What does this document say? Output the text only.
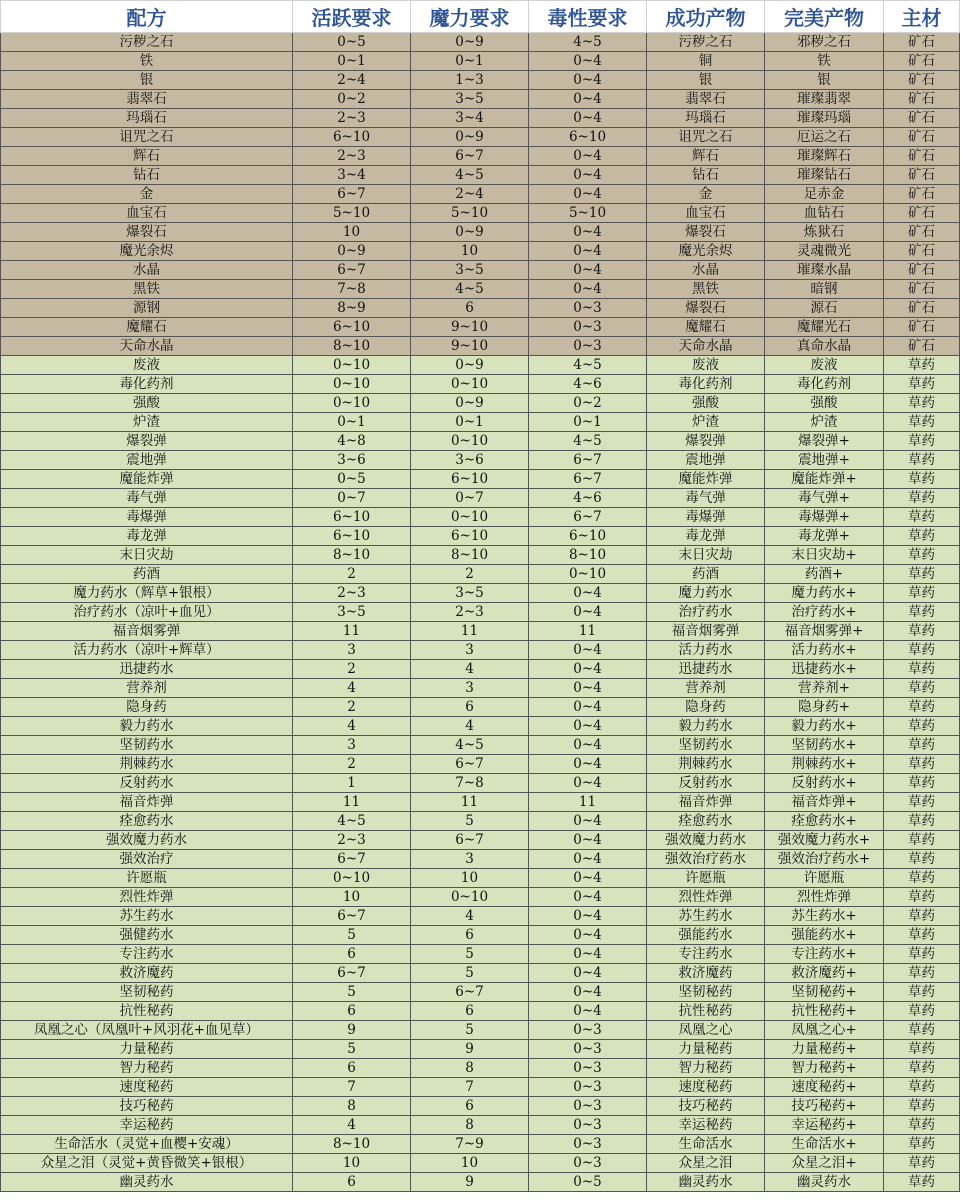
配方	活跃要求	魔力要求	毒性要求	成功产物	完美产物	主材
污秽之石	0~5	0~9	4~5	污秽之石	邪秽之石	矿石
铁	0~1	0~1	0~4	铜	铁	矿石
银	2~4	1~3	0~4	银	银	矿石
翡翠石	0~2	3~5	0~4	翡翠石	璀璨翡翠	矿石
玛瑙石	2~3	3~4	0~4	玛瑙石	璀璨玛瑙	矿石
诅咒之石	6~10	0~9	6~10	诅咒之石	厄运之石	矿石
辉石	2~3	6~7	0~4	辉石	璀璨辉石	矿石
钻石	3~4	4~5	0~4	钻石	璀璨钻石	矿石
金	6~7	2~4	0~4	金	足赤金	矿石
血宝石	5~10	5~10	5~10	血宝石	血钻石	矿石
爆裂石	10	0~9	0~4	爆裂石	炼狱石	矿石
魔光余烬	0~9	10	0~4	魔光余烬	灵魂微光	矿石
水晶	6~7	3~5	0~4	水晶	璀璨水晶	矿石
黑铁	7~8	4~5	0~4	黑铁	暗钢	矿石
源钢	8~9	6	0~3	爆裂石	源石	矿石
魔耀石	6~10	9~10	0~3	魔耀石	魔耀光石	矿石
天命水晶	8~10	9~10	0~3	天命水晶	真命水晶	矿石
废液	0~10	0~9	4~5	废液	废液	草药
毒化药剂	0~10	0~10	4~6	毒化药剂	毒化药剂	草药
强酸	0~10	0~9	0~2	强酸	强酸	草药
炉渣	0~1	0~1	0~1	炉渣	炉渣	草药
爆裂弹	4~8	0~10	4~5	爆裂弹	爆裂弹+	草药
震地弹	3~6	3~6	6~7	震地弹	震地弹+	草药
魔能炸弹	0~5	6~10	6~7	魔能炸弹	魔能炸弹+	草药
毒气弹	0~7	0~7	4~6	毒气弹	毒气弹+	草药
毒爆弹	6~10	0~10	6~7	毒爆弹	毒爆弹+	草药
毒龙弹	6~10	6~10	6~10	毒龙弹	毒龙弹+	草药
末日灾劫	8~10	8~10	8~10	末日灾劫	末日灾劫+	草药
药酒	2	2	0~10	药酒	药酒+	草药
魔力药水（辉草+银根）	2~3	3~5	0~4	魔力药水	魔力药水+	草药
治疗药水（凉叶+血见）	3~5	2~3	0~4	治疗药水	治疗药水+	草药
福音烟雾弹	11	11	11	福音烟雾弹	福音烟雾弹+	草药
活力药水（凉叶+辉草）	3	3	0~4	活力药水	活力药水+	草药
迅捷药水	2	4	0~4	迅捷药水	迅捷药水+	草药
营养剂	4	3	0~4	营养剂	营养剂+	草药
隐身药	2	6	0~4	隐身药	隐身药+	草药
毅力药水	4	4	0~4	毅力药水	毅力药水+	草药
坚韧药水	3	4~5	0~4	坚韧药水	坚韧药水+	草药
荆棘药水	2	6~7	0~4	荆棘药水	荆棘药水+	草药
反射药水	1	7~8	0~4	反射药水	反射药水+	草药
福音炸弹	11	11	11	福音炸弹	福音炸弹+	草药
痊愈药水	4~5	5	0~4	痊愈药水	痊愈药水+	草药
强效魔力药水	2~3	6~7	0~4	强效魔力药水	强效魔力药水+	草药
强效治疗	6~7	3	0~4	强效治疗药水	强效治疗药水+	草药
许愿瓶	0~10	10	0~4	许愿瓶	许愿瓶	草药
烈性炸弹	10	0~10	0~4	烈性炸弹	烈性炸弹	草药
苏生药水	6~7	4	0~4	苏生药水	苏生药水+	草药
强健药水	5	6	0~4	强能药水	强能药水+	草药
专注药水	6	5	0~4	专注药水	专注药水+	草药
救济魔药	6~7	5	0~4	救济魔药	救济魔药+	草药
坚韧秘药	5	6~7	0~4	坚韧秘药	坚韧秘药+	草药
抗性秘药	6	6	0~4	抗性秘药	抗性秘药+	草药
凤凰之心（凤凰叶+风羽花+血见草）	9	5	0~3	凤凰之心	凤凰之心+	草药
力量秘药	5	9	0~3	力量秘药	力量秘药+	草药
智力秘药	6	8	0~3	智力秘药	智力秘药+	草药
速度秘药	7	7	0~3	速度秘药	速度秘药+	草药
技巧秘药	8	6	0~3	技巧秘药	技巧秘药+	草药
幸运秘药	4	8	0~3	幸运秘药	幸运秘药+	草药
生命活水（灵觉+血樱+安魂）	8~10	7~9	0~3	生命活水	生命活水+	草药
众星之泪（灵觉+黄昏微笑+银根）	10	10	0~3	众星之泪	众星之泪+	草药
幽灵药水	6	9	0~5	幽灵药水	幽灵药水	草药
